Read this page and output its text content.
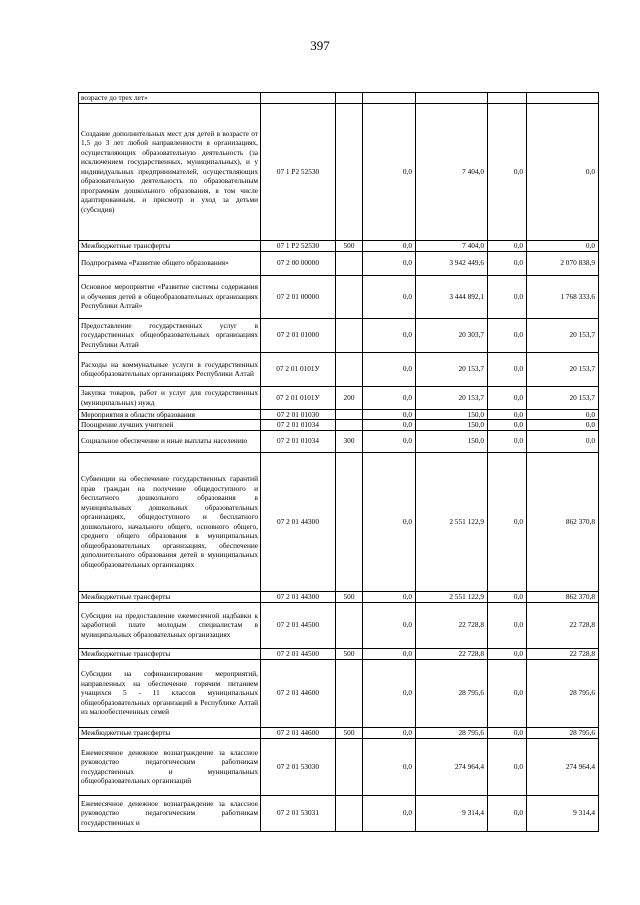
397
возрасте до трех лет»						
Создание дополнительных мест для детей в возрасте от 1,5 до 3 лет любой направленности в организациях, осуществляющих образовательную деятельность (за исключением государственных, муниципальных), и у индивидуальных предпринимателей, осуществляющих образовательную деятельность по образовательным программам дошкольного образования, в том числе адаптированным, и присмотр и уход за детьми (субсидия)	07 1 P2 52530		0,0	7 404,0	0,0	0,0
Межбюджетные трансферты	07 1 P2 52530	500	0,0	7 404,0	0,0	0,0
Подпрограмма «Развитие общего образования»	07 2 00 00000		0,0	3 942 449,6	0,0	2 070 838,9
Основное мероприятие «Развитие системы содержания и обучения детей в общеобразовательных организациях Республики Алтай»	07 2 01 00000		0,0	3 444 892,1	0,0	1 768 333,6
Предоставление государственных услуг в государственных общеобразовательных организациях Республики Алтай	07 2 01 01000		0,0	20 303,7	0,0	20 153,7
Расходы на коммунальные услуги в государственных общеобразовательных организациях Республики Алтай	07 2 01 0101У		0,0	20 153,7	0,0	20 153,7
Закупка товаров, работ и услуг для государственных (муниципальных) нужд	07 2 01 0101У	200	0,0	20 153,7	0,0	20 153,7
Мероприятия в области образования	07 2 01 01030		0,0	150,0	0,0	0,0
Поощрение лучших учителей	07 2 01 01034		0,0	150,0	0,0	0,0
Социальное обеспечение и иные выплаты населению	07 2 01 01034	300	0,0	150,0	0,0	0,0
Субвенции на обеспечение государственных гарантий прав граждан на получение общедоступного и бесплатного дошкольного образования в муниципальных дошкольных образовательных организациях, общедоступного и бесплатного дошкольного, начального общего, основного общего, среднего общего образования в муниципальных общеобразовательных организациях, обеспечение дополнительного образования детей в муниципальных общеобразовательных организациях	07 2 01 44300		0,0	2 551 122,9	0,0	862 370,8
Межбюджетные трансферты	07 2 01 44300	500	0,0	2 551 122,9	0,0	862 370,8
Субсидии на предоставление ежемесячной надбавки к заработной плате молодым специалистам в муниципальных образовательных организациях	07 2 01 44500		0,0	22 728,8	0,0	22 728,8
Межбюджетные трансферты	07 2 01 44500	500	0,0	22 728,8	0,0	22 728,8
Субсидии на софинансирование мероприятий, направленных на обеспечение горячим питанием учащихся 5 - 11 классов муниципальных общеобразовательных организаций в Республике Алтай из малообеспеченных семей	07 2 01 44600		0,0	28 795,6	0,0	28 795,6
Межбюджетные трансферты	07 2 01 44600	500	0,0	28 795,6	0,0	28 795,6
Ежемесячное денежное вознаграждение за классное руководство педагогическим работникам государственных и муниципальных общеобразовательных организаций	07 2 01 53030		0,0	274 964,4	0,0	274 964,4
Ежемесячное денежное вознаграждение за классное руководство педагогическим работникам государственных и	07 2 01 53031		0,0	9 314,4	0,0	9 314,4
